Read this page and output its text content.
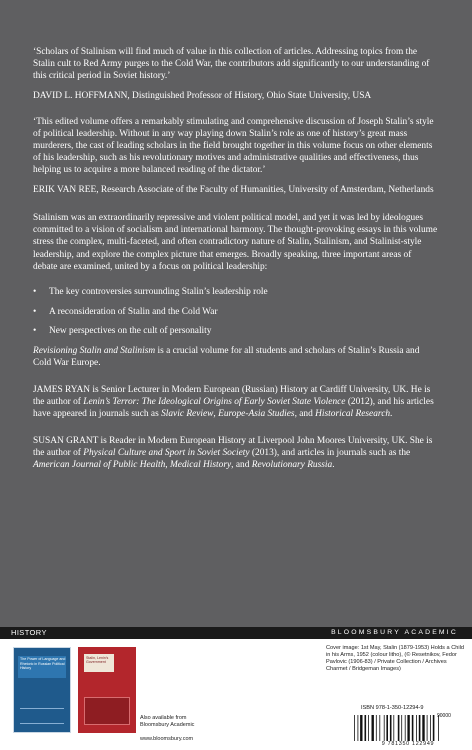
‘Scholars of Stalinism will find much of value in this collection of articles. Addressing topics from the Stalin cult to Red Army purges to the Cold War, the contributors add significantly to our understanding of this critical period in Soviet history.’

DAVID L. HOFFMANN, Distinguished Professor of History, Ohio State University, USA

‘This edited volume offers a remarkably stimulating and comprehensive discussion of Joseph Stalin’s style of political leadership. Without in any way playing down Stalin’s role as one of history’s great mass murderers, the cast of leading scholars in the field brought together in this volume focus on other elements of his leadership, such as his revolutionary motives and administrative qualities and effectiveness, thus helping us to acquire a more balanced reading of the dictator.’

ERIK VAN REE, Research Associate of the Faculty of Humanities, University of Amsterdam, Netherlands

Stalinism was an extraordinarily repressive and violent political model, and yet it was led by ideologues committed to a vision of socialism and international harmony. The thought-provoking essays in this volume stress the complex, multi-faceted, and often contradictory nature of Stalin, Stalinism, and Stalinist-style leadership, and explore the complex picture that emerges. Broadly speaking, three important areas of debate are examined, united by a focus on political leadership:

•	The key controversies surrounding Stalin’s leadership role
•	A reconsideration of Stalin and the Cold War
•	New perspectives on the cult of personality

Revisioning Stalin and Stalinism is a crucial volume for all students and scholars of Stalin’s Russia and Cold War Europe.

JAMES RYAN is Senior Lecturer in Modern European (Russian) History at Cardiff University, UK. He is the author of Lenin’s Terror: The Ideological Origins of Early Soviet State Violence (2012), and his articles have appeared in journals such as Slavic Review, Europe-Asia Studies, and Historical Research.

SUSAN GRANT is Reader in Modern European History at Liverpool John Moores University, UK. She is the author of Physical Culture and Sport in Soviet Society (2013), and articles in journals such as the American Journal of Public Health, Medical History, and Revolutionary Russia.

HISTORY	BLOOMSBURY ACADEMIC
The Power of Language and Rhetoric in Russian Political History
Stalin, Lenin’s Government
Also available from
Bloomsbury Academic
www.bloomsbury.com
Cover image: 1st May, Stalin (1879-1953) Holds a Child in his Arms, 1952 (colour litho), (© Resetnikov, Fedor Pavlovic (1906-83) / Private Collection / Archives Charmet / Bridgeman Images)
ISBN 978-1-350-12294-9
90000
9 781350 122949
